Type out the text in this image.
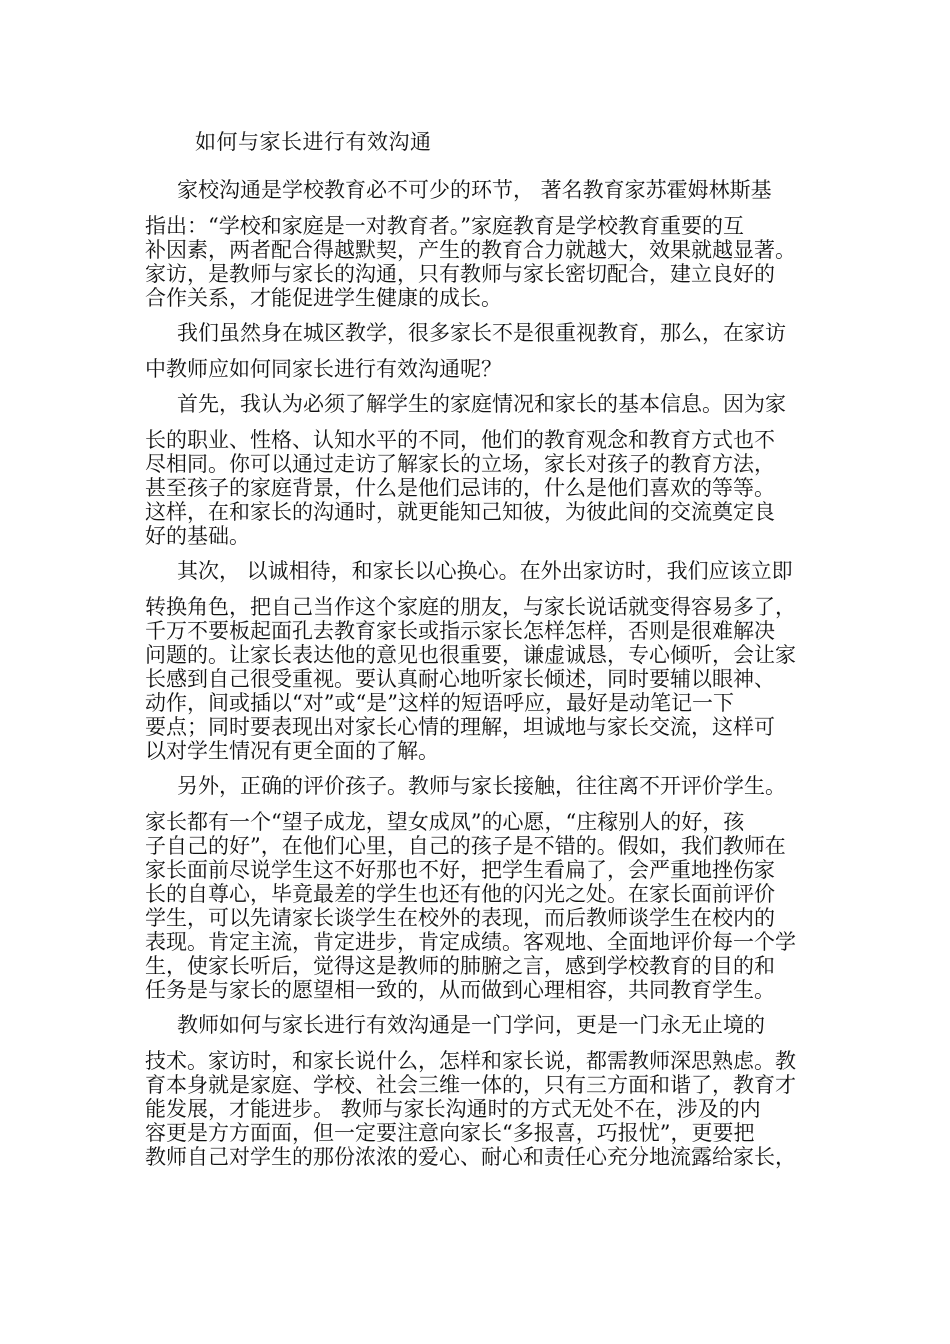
如何与家长进行有效沟通
家校沟通是学校教育必不可少的环节， 著名教育家苏霍姆林斯基
指出：“学校和家庭是一对教育者。”家庭教育是学校教育重要的互
补因素，两者配合得越默契，产生的教育合力就越大，效果就越显著。
家访，是教师与家长的沟通，只有教师与家长密切配合，建立良好的
合作关系，才能促进学生健康的成长。
我们虽然身在城区教学，很多家长不是很重视教育，那么，在家访
中教师应如何同家长进行有效沟通呢？
首先，我认为必须了解学生的家庭情况和家长的基本信息。因为家
长的职业、性格、认知水平的不同，他们的教育观念和教育方式也不
尽相同。你可以通过走访了解家长的立场，家长对孩子的教育方法，
甚至孩子的家庭背景，什么是他们忌讳的，什么是他们喜欢的等等。
这样，在和家长的沟通时，就更能知己知彼，为彼此间的交流奠定良
好的基础。
其次， 以诚相待，和家长以心换心。在外出家访时，我们应该立即
转换角色，把自己当作这个家庭的朋友，与家长说话就变得容易多了，
千万不要板起面孔去教育家长或指示家长怎样怎样，否则是很难解决
问题的。让家长表达他的意见也很重要，谦虚诚恳，专心倾听，会让家
长感到自己很受重视。要认真耐心地听家长倾述，同时要辅以眼神、
动作，间或插以“对”或“是”这样的短语呼应，最好是动笔记一下
要点；同时要表现出对家长心情的理解，坦诚地与家长交流，这样可
以对学生情况有更全面的了解。
另外，正确的评价孩子。教师与家长接触，往往离不开评价学生。
家长都有一个“望子成龙，望女成凤”的心愿，“庄稼别人的好，孩
子自己的好”，在他们心里，自己的孩子是不错的。假如，我们教师在
家长面前尽说学生这不好那也不好，把学生看扁了，会严重地挫伤家
长的自尊心，毕竟最差的学生也还有他的闪光之处。在家长面前评价
学生，可以先请家长谈学生在校外的表现，而后教师谈学生在校内的
表现。肯定主流，肯定进步，肯定成绩。客观地、全面地评价每一个学
生，使家长听后，觉得这是教师的肺腑之言，感到学校教育的目的和
任务是与家长的愿望相一致的，从而做到心理相容，共同教育学生。
教师如何与家长进行有效沟通是一门学问，更是一门永无止境的
技术。家访时，和家长说什么，怎样和家长说，都需教师深思熟虑。教
育本身就是家庭、学校、社会三维一体的，只有三方面和谐了，教育才
能发展，才能进步。 教师与家长沟通时的方式无处不在，涉及的内
容更是方方面面，但一定要注意向家长“多报喜，巧报忧”，更要把
教师自己对学生的那份浓浓的爱心、耐心和责任心充分地流露给家长，
